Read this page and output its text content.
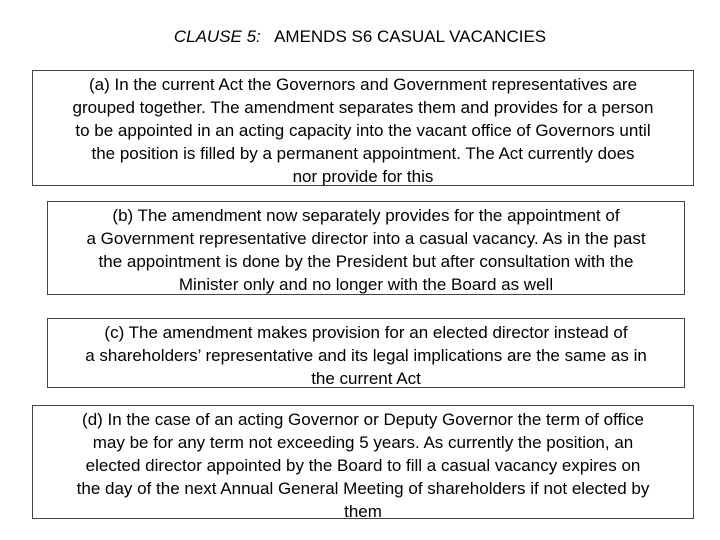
CLAUSE 5: AMENDS S6 CASUAL VACANCIES
(a) In the current Act the Governors and Government representatives are
grouped together. The amendment separates them and provides for a person
to be appointed in an acting capacity into the vacant office of Governors until
the position is filled by a permanent appointment. The Act currently does
nor provide for this
(b) The amendment now separately provides for the appointment of
a Government representative director into a casual vacancy. As in the past
the appointment is done by the President but after consultation with the
Minister only and no longer with the Board as well
(c) The amendment makes provision for an elected director instead of
a shareholders’ representative and its legal implications are the same as in
the current Act
(d) In the case of an acting Governor or Deputy Governor the term of office
may be for any term not exceeding 5 years. As currently the position, an
elected director appointed by the Board to fill a casual vacancy expires on
the day of the next Annual General Meeting of shareholders if not elected by
them
